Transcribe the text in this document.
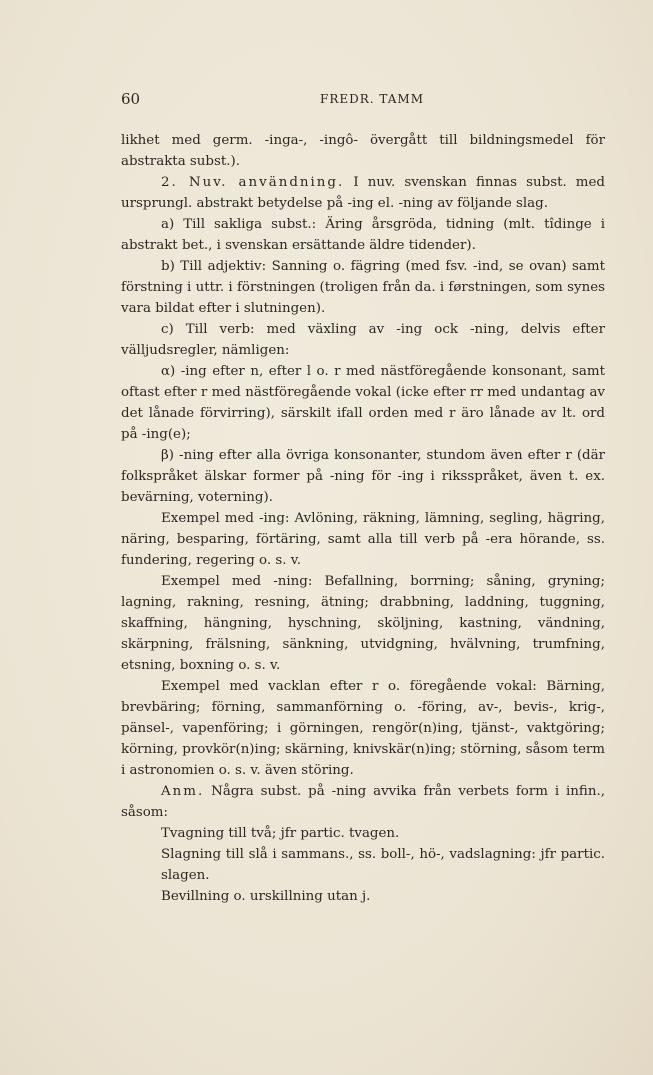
60	FREDR. TAMM

likhet med germ. -inga-, -ingô- övergått till bildningsmedel för abstrakta subst.).

2. Nuv. användning. I nuv. svenskan finnas subst. med ursprungl. abstrakt betydelse på -ing el. -ning av följande slag.

a) Till sakliga subst.: Äring årsgröda, tidning (mlt. tîdinge i abstrakt bet., i svenskan ersättande äldre tidender).

b) Till adjektiv: Sanning o. fägring (med fsv. -ind, se ovan) samt förstning i uttr. i förstningen (troligen från da. i førstningen, som synes vara bildat efter i slutningen).

c) Till verb: med växling av -ing ock -ning, delvis efter välljudsregler, nämligen:

α) -ing efter n, efter l o. r med nästföregående konsonant, samt oftast efter r med nästföregående vokal (icke efter rr med undantag av det lånade förvirring), särskilt ifall orden med r äro lånade av lt. ord på -ing(e);

β) -ning efter alla övriga konsonanter, stundom även efter r (där folkspråket älskar former på -ning för -ing i riksspråket, även t. ex. bevärning, voterning).

Exempel med -ing: Avlöning, räkning, lämning, segling, hägring, näring, besparing, förtäring, samt alla till verb på -era hörande, ss. fundering, regering o. s. v.

Exempel med -ning: Befallning, borrning; såning, gryning; lagning, rakning, resning, ätning; drabbning, laddning, tuggning, skaffning, hängning, hyschning, sköljning, kastning, vändning, skärpning, frälsning, sänkning, utvidgning, hvälvning, trumfning, etsning, boxning o. s. v.

Exempel med vacklan efter r o. föregående vokal: Bärning, brevbäring; förning, sammanförning o. -föring, av-, bevis-, krig-, pänsel-, vapenföring; i görningen, rengör(n)ing, tjänst-, vaktgöring; körning, provkör(n)ing; skärning, knivskär(n)ing; störning, såsom term i astronomien o. s. v. även störing.

Anm. Några subst. på -ning avvika från verbets form i infin., såsom:

Tvagning till två; jfr partic. tvagen.

Slagning till slå i sammans., ss. boll-, hö-, vadslagning: jfr partic. slagen.

Bevillning o. urskillning utan j.
